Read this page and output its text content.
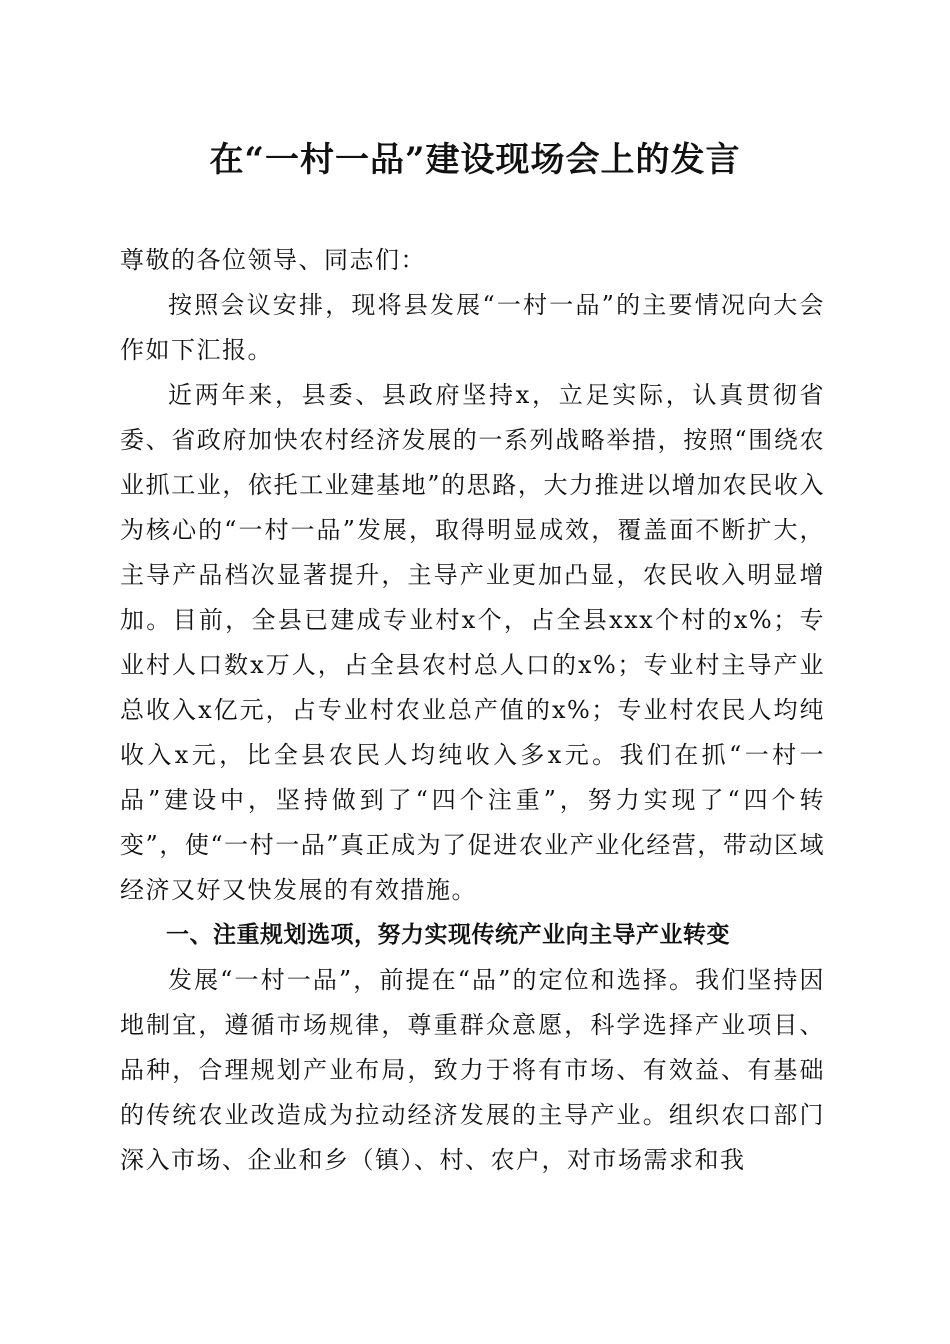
在“一村一品”建设现场会上的发言

尊敬的各位领导、同志们：

按照会议安排，现将县发展“一村一品”的主要情况向大会作如下汇报。

近两年来，县委、县政府坚持x，立足实际，认真贯彻省委、省政府加快农村经济发展的一系列战略举措，按照“围绕农业抓工业，依托工业建基地”的思路，大力推进以增加农民收入为核心的“一村一品”发展，取得明显成效，覆盖面不断扩大，主导产品档次显著提升，主导产业更加凸显，农民收入明显增加。目前，全县已建成专业村x个，占全县xxx个村的x%；专业村人口数x万人，占全县农村总人口的x%；专业村主导产业总收入x亿元，占专业村农业总产值的x%；专业村农民人均纯收入x元，比全县农民人均纯收入多x元。我们在抓“一村一品”建设中，坚持做到了“四个注重”，努力实现了“四个转变”，使“一村一品”真正成为了促进农业产业化经营，带动区域经济又好又快发展的有效措施。

一、注重规划选项，努力实现传统产业向主导产业转变

发展“一村一品”，前提在“品”的定位和选择。我们坚持因地制宜，遵循市场规律，尊重群众意愿，科学选择产业项目、品种，合理规划产业布局，致力于将有市场、有效益、有基础的传统农业改造成为拉动经济发展的主导产业。组织农口部门深入市场、企业和乡（镇）、村、农户，对市场需求和我
